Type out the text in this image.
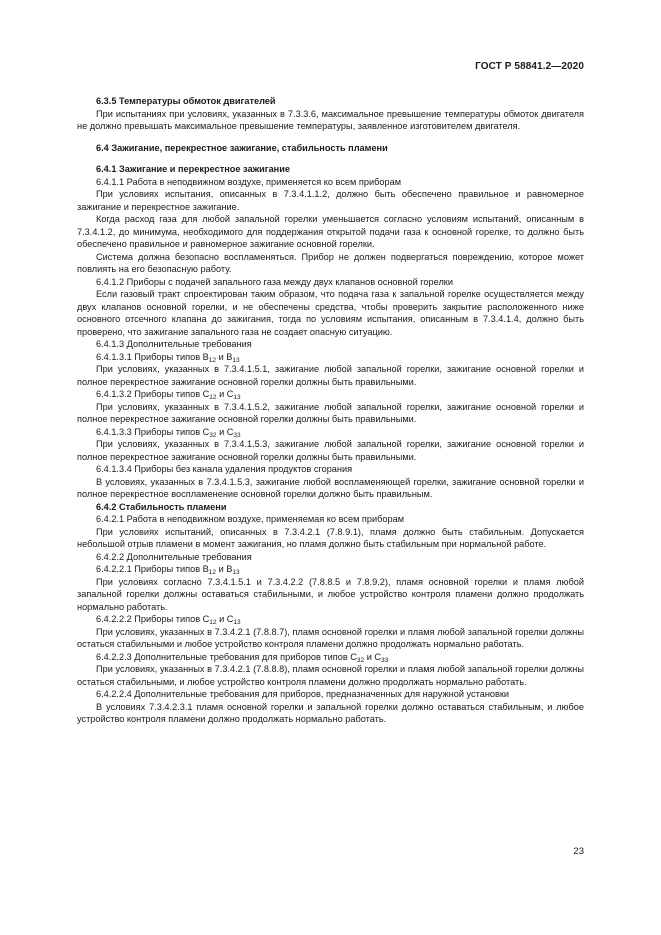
ГОСТ Р 58841.2—2020

6.3.5 Температуры обмоток двигателей

При испытаниях при условиях, указанных в 7.3.3.6, максимальное превышение температуры обмоток двигателя не должно превышать максимальное превышение температуры, заявленное изготовителем двигателя.

6.4 Зажигание, перекрестное зажигание, стабильность пламени

6.4.1 Зажигание и перекрестное зажигание

6.4.1.1 Работа в неподвижном воздухе, применяется ко всем приборам

При условиях испытания, описанных в 7.3.4.1.1.2, должно быть обеспечено правильное и равномерное зажигание и перекрестное зажигание.

Когда расход газа для любой запальной горелки уменьшается согласно условиям испытаний, описанным в 7.3.4.1.2, до минимума, необходимого для поддержания открытой подачи газа к основной горелке, то должно быть обеспечено правильное и равномерное зажигание основной горелки.

Система должна безопасно воспламеняться. Прибор не должен подвергаться повреждению, которое может повлиять на его безопасную работу.

6.4.1.2 Приборы с подачей запального газа между двух клапанов основной горелки

Если газовый тракт спроектирован таким образом, что подача газа к запальной горелке осуществляется между двух клапанов основной горелки, и не обеспечены средства, чтобы проверить закрытие расположенного ниже основного отсечного клапана до зажигания, тогда по условиям испытания, описанным в 7.3.4.1.4, должно быть проверено, что зажигание запального газа не создает опасную ситуацию.

6.4.1.3 Дополнительные требования

6.4.1.3.1 Приборы типов $B_{12}$ и $B_{13}$

При условиях, указанных в 7.3.4.1.5.1, зажигание любой запальной горелки, зажигание основной горелки и полное перекрестное зажигание основной горелки должны быть правильными.

6.4.1.3.2 Приборы типов $C_{12}$ и $C_{13}$

При условиях, указанных в 7.3.4.1.5.2, зажигание любой запальной горелки, зажигание основной горелки и полное перекрестное зажигание основной горелки должны быть правильными.

6.4.1.3.3 Приборы типов $C_{32}$ и $C_{33}$

При условиях, указанных в 7.3.4.1.5.3, зажигание любой запальной горелки, зажигание основной горелки и полное перекрестное зажигание основной горелки должны быть правильными.

6.4.1.3.4 Приборы без канала удаления продуктов сгорания

В условиях, указанных в 7.3.4.1.5.3, зажигание любой воспламеняющей горелки, зажигание основной горелки и полное перекрестное воспламенение основной горелки должно быть правильным.

6.4.2 Стабильность пламени

6.4.2.1 Работа в неподвижном воздухе, применяемая ко всем приборам

При условиях испытаний, описанных в 7.3.4.2.1 (7.8.9.1), пламя должно быть стабильным. Допускается небольшой отрыв пламени в момент зажигания, но пламя должно быть стабильным при нормальной работе.

6.4.2.2 Дополнительные требования

6.4.2.2.1 Приборы типов $B_{12}$ и $B_{13}$

При условиях согласно 7.3.4.1.5.1 и 7.3.4.2.2 (7.8.8.5 и 7.8.9.2), пламя основной горелки и пламя любой запальной горелки должны оставаться стабильными, и любое устройство контроля пламени должно продолжать нормально работать.

6.4.2.2.2 Приборы типов $C_{12}$ и $C_{13}$

При условиях, указанных в 7.3.4.2.1 (7.8.8.7), пламя основной горелки и пламя любой запальной горелки должны остаться стабильными и любое устройство контроля пламени должно продолжать нормально работать.

6.4.2.2.3 Дополнительные требования для приборов типов $C_{32}$ и $C_{33}$

При условиях, указанных в 7.3.4.2.1 (7.8.8.8), пламя основной горелки и пламя любой запальной горелки должны остаться стабильными, и любое устройство контроля пламени должно продолжать нормально работать.

6.4.2.2.4 Дополнительные требования для приборов, предназначенных для наружной установки

В условиях 7.3.4.2.3.1 пламя основной горелки и запальной горелки должно оставаться стабильным, и любое устройство контроля пламени должно продолжать нормально работать.

23
